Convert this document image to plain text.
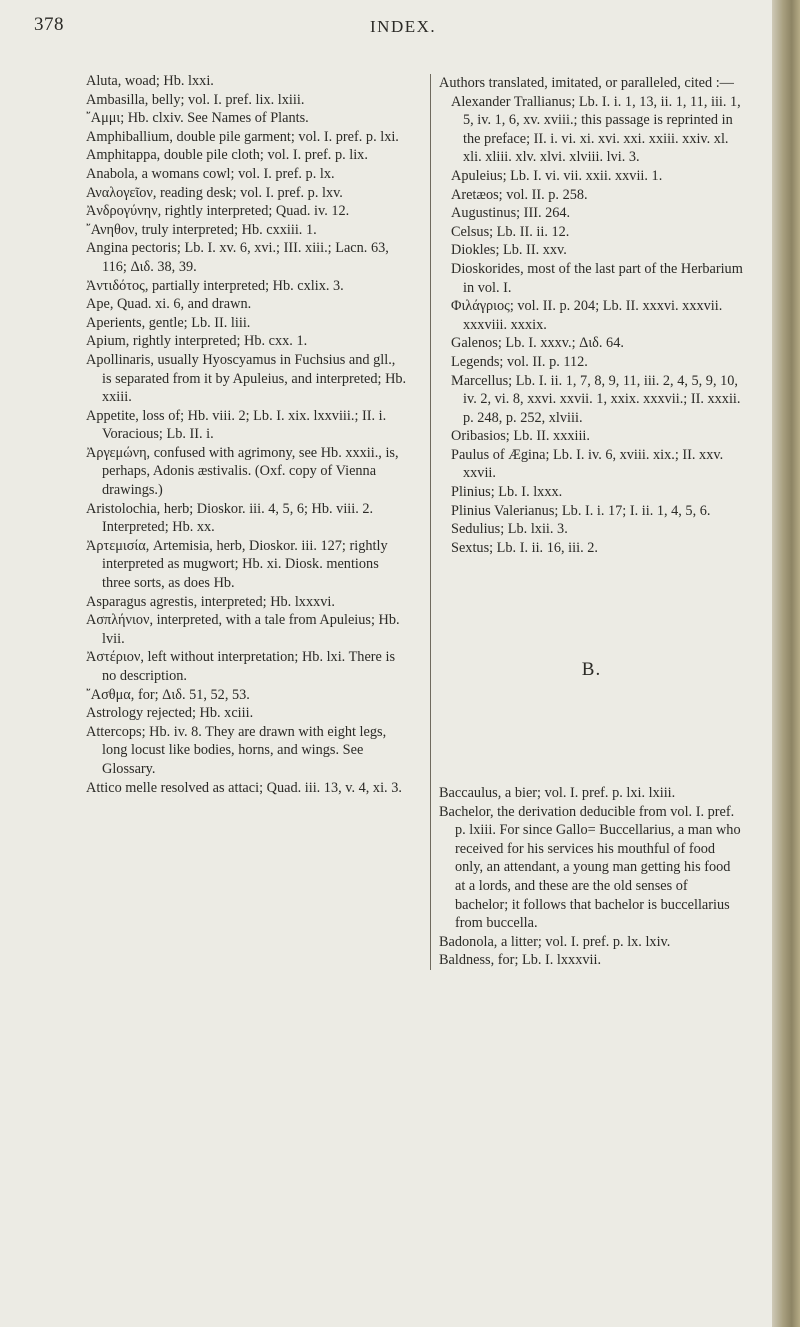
378	INDEX.

Aluta, woad; Hb. lxxi.

Ambasilla, belly; vol. I. pref. lix. lxiii.

῎Αμμι; Hb. clxiv. See Names of Plants.

Amphiballium, double pile garment; vol. I. pref. p. lxi.

Amphitappa, double pile cloth; vol. I. pref. p. lix.

Anabola, a womans cowl; vol. I. pref. p. lx.

Αναλογεῖον, reading desk; vol. I. pref. p. lxv.

Ἀνδρογύνην, rightly interpreted; Quad. iv. 12.

῎Ανηθον, truly interpreted; Hb. cxxiii. 1.

Angina pectoris; Lb. I. xv. 6, xvi.; III. xiii.; Lacn. 63, 116; Διδ. 38, 39.

Ἀντιδότος, partially interpreted; Hb. cxlix. 3.

Ape, Quad. xi. 6, and drawn.

Aperients, gentle; Lb. II. liii.

Apium, rightly interpreted; Hb. cxx. 1.

Apollinaris, usually Hyoscyamus in Fuchsius and gll., is separated from it by Apuleius, and interpreted; Hb. xxiii.

Appetite, loss of; Hb. viii. 2; Lb. I. xix. lxxviii.; II. i. Voracious; Lb. II. i.

Ἀργεμώνη, confused with agrimony, see Hb. xxxii., is, perhaps, Adonis æstivalis. (Oxf. copy of Vienna drawings.)

Aristolochia, herb; Dioskor. iii. 4, 5, 6; Hb. viii. 2. Interpreted; Hb. xx.

Ἀρτεμισία, Artemisia, herb, Dioskor. iii. 127; rightly interpreted as mugwort; Hb. xi. Diosk. mentions three sorts, as does Hb.

Asparagus agrestis, interpreted; Hb. lxxxvi.

Ασπλήνιον, interpreted, with a tale from Apuleius; Hb. lvii.

Ἀστέριον, left without interpretation; Hb. lxi. There is no description.

῎Ασθμα, for; Διδ. 51, 52, 53.

Astrology rejected; Hb. xciii.

Attercops; Hb. iv. 8. They are drawn with eight legs, long locust like bodies, horns, and wings. See Glossary.

Attico melle resolved as attaci; Quad. iii. 13, v. 4, xi. 3.

Authors translated, imitated, or paralleled, cited :—

Alexander Trallianus; Lb. I. i. 1, 13, ii. 1, 11, iii. 1, 5, iv. 1, 6, xv. xviii.; this passage is reprinted in the preface; II. i. vi. xi. xvi. xxi. xxiii. xxiv. xl. xli. xliii. xlv. xlvi. xlviii. lvi. 3.

Apuleius; Lb. I. vi. vii. xxii. xxvii. 1.

Aretæos; vol. II. p. 258.

Augustinus; III. 264.

Celsus; Lb. II. ii. 12.

Diokles; Lb. II. xxv.

Dioskorides, most of the last part of the Herbarium in vol. I.

Φιλάγριος; vol. II. p. 204; Lb. II. xxxvi. xxxvii. xxxviii. xxxix.

Galenos; Lb. I. xxxv.; Διδ. 64.

Legends; vol. II. p. 112.

Marcellus; Lb. I. ii. 1, 7, 8, 9, 11, iii. 2, 4, 5, 9, 10, iv. 2, vi. 8, xxvi. xxvii. 1, xxix. xxxvii.; II. xxxii. p. 248, p. 252, xlviii.

Oribasios; Lb. II. xxxiii.

Paulus of Ægina; Lb. I. iv. 6, xviii. xix.; II. xxv. xxvii.

Plinius; Lb. I. lxxx.

Plinius Valerianus; Lb. I. i. 17; I. ii. 1, 4, 5, 6.

Sedulius; Lb. lxii. 3.

Sextus; Lb. I. ii. 16, iii. 2.

B.

Baccaulus, a bier; vol. I. pref. p. lxi. lxiii.

Bachelor, the derivation deducible from vol. I. pref. p. lxiii. For since Gallo= Buccellarius, a man who received for his services his mouthful of food only, an attendant, a young man getting his food at a lords, and these are the old senses of bachelor; it follows that bachelor is buccellarius from buccella.

Badonola, a litter; vol. I. pref. p. lx. lxiv.

Baldness, for; Lb. I. lxxxvii.
